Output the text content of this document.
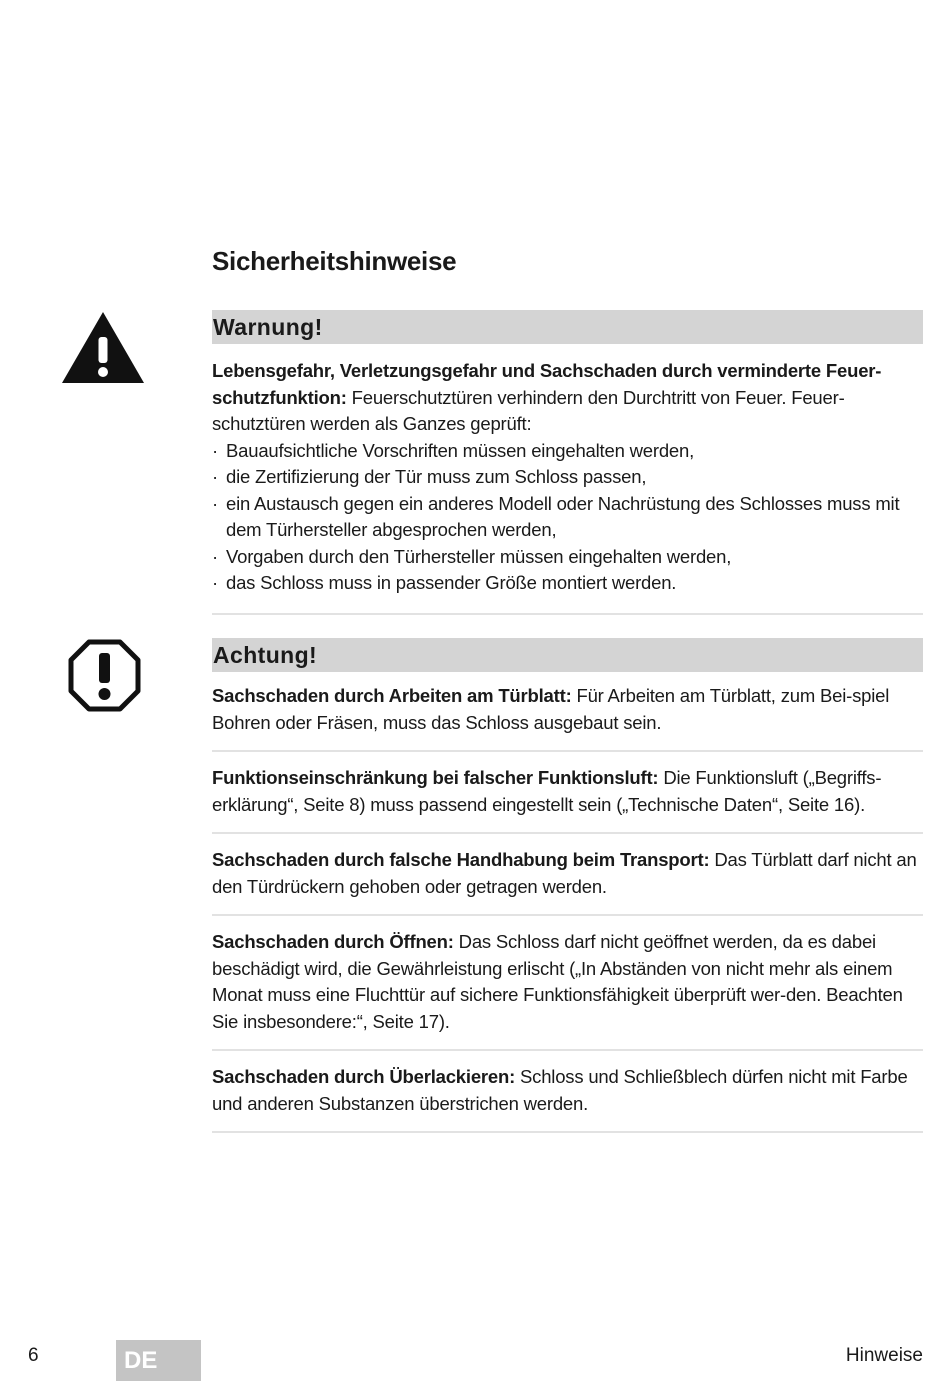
Sicherheitshinweise
Warnung!

Lebensgefahr, Verletzungsgefahr und Sachschaden durch verminderte Feuer-schutzfunktion: Feuerschutztüren verhindern den Durchtritt von Feuer. Feuer-schutztüren werden als Ganzes geprüft:

· Bauaufsichtliche Vorschriften müssen eingehalten werden,
· die Zertifizierung der Tür muss zum Schloss passen,
· ein Austausch gegen ein anderes Modell oder Nachrüstung des Schlosses muss mit dem Türhersteller abgesprochen werden,
· Vorgaben durch den Türhersteller müssen eingehalten werden,
· das Schloss muss in passender Größe montiert werden.
Achtung!

Sachschaden durch Arbeiten am Türblatt: Für Arbeiten am Türblatt, zum Bei-spiel Bohren oder Fräsen, muss das Schloss ausgebaut sein.

Funktionseinschränkung bei falscher Funktionsluft: Die Funktionsluft („Begriffs-erklärung“, Seite 8) muss passend eingestellt sein („Technische Daten“, Seite 16).

Sachschaden durch falsche Handhabung beim Transport: Das Türblatt darf nicht an den Türdrückern gehoben oder getragen werden.

Sachschaden durch Öffnen: Das Schloss darf nicht geöffnet werden, da es dabei beschädigt wird, die Gewährleistung erlischt („In Abständen von nicht mehr als einem Monat muss eine Fluchttür auf sichere Funktionsfähigkeit überprüft wer-den. Beachten Sie insbesondere:“, Seite 17).

Sachschaden durch Überlackieren: Schloss und Schließblech dürfen nicht mit Farbe und anderen Substanzen überstrichen werden.

6	DE	Hinweise
